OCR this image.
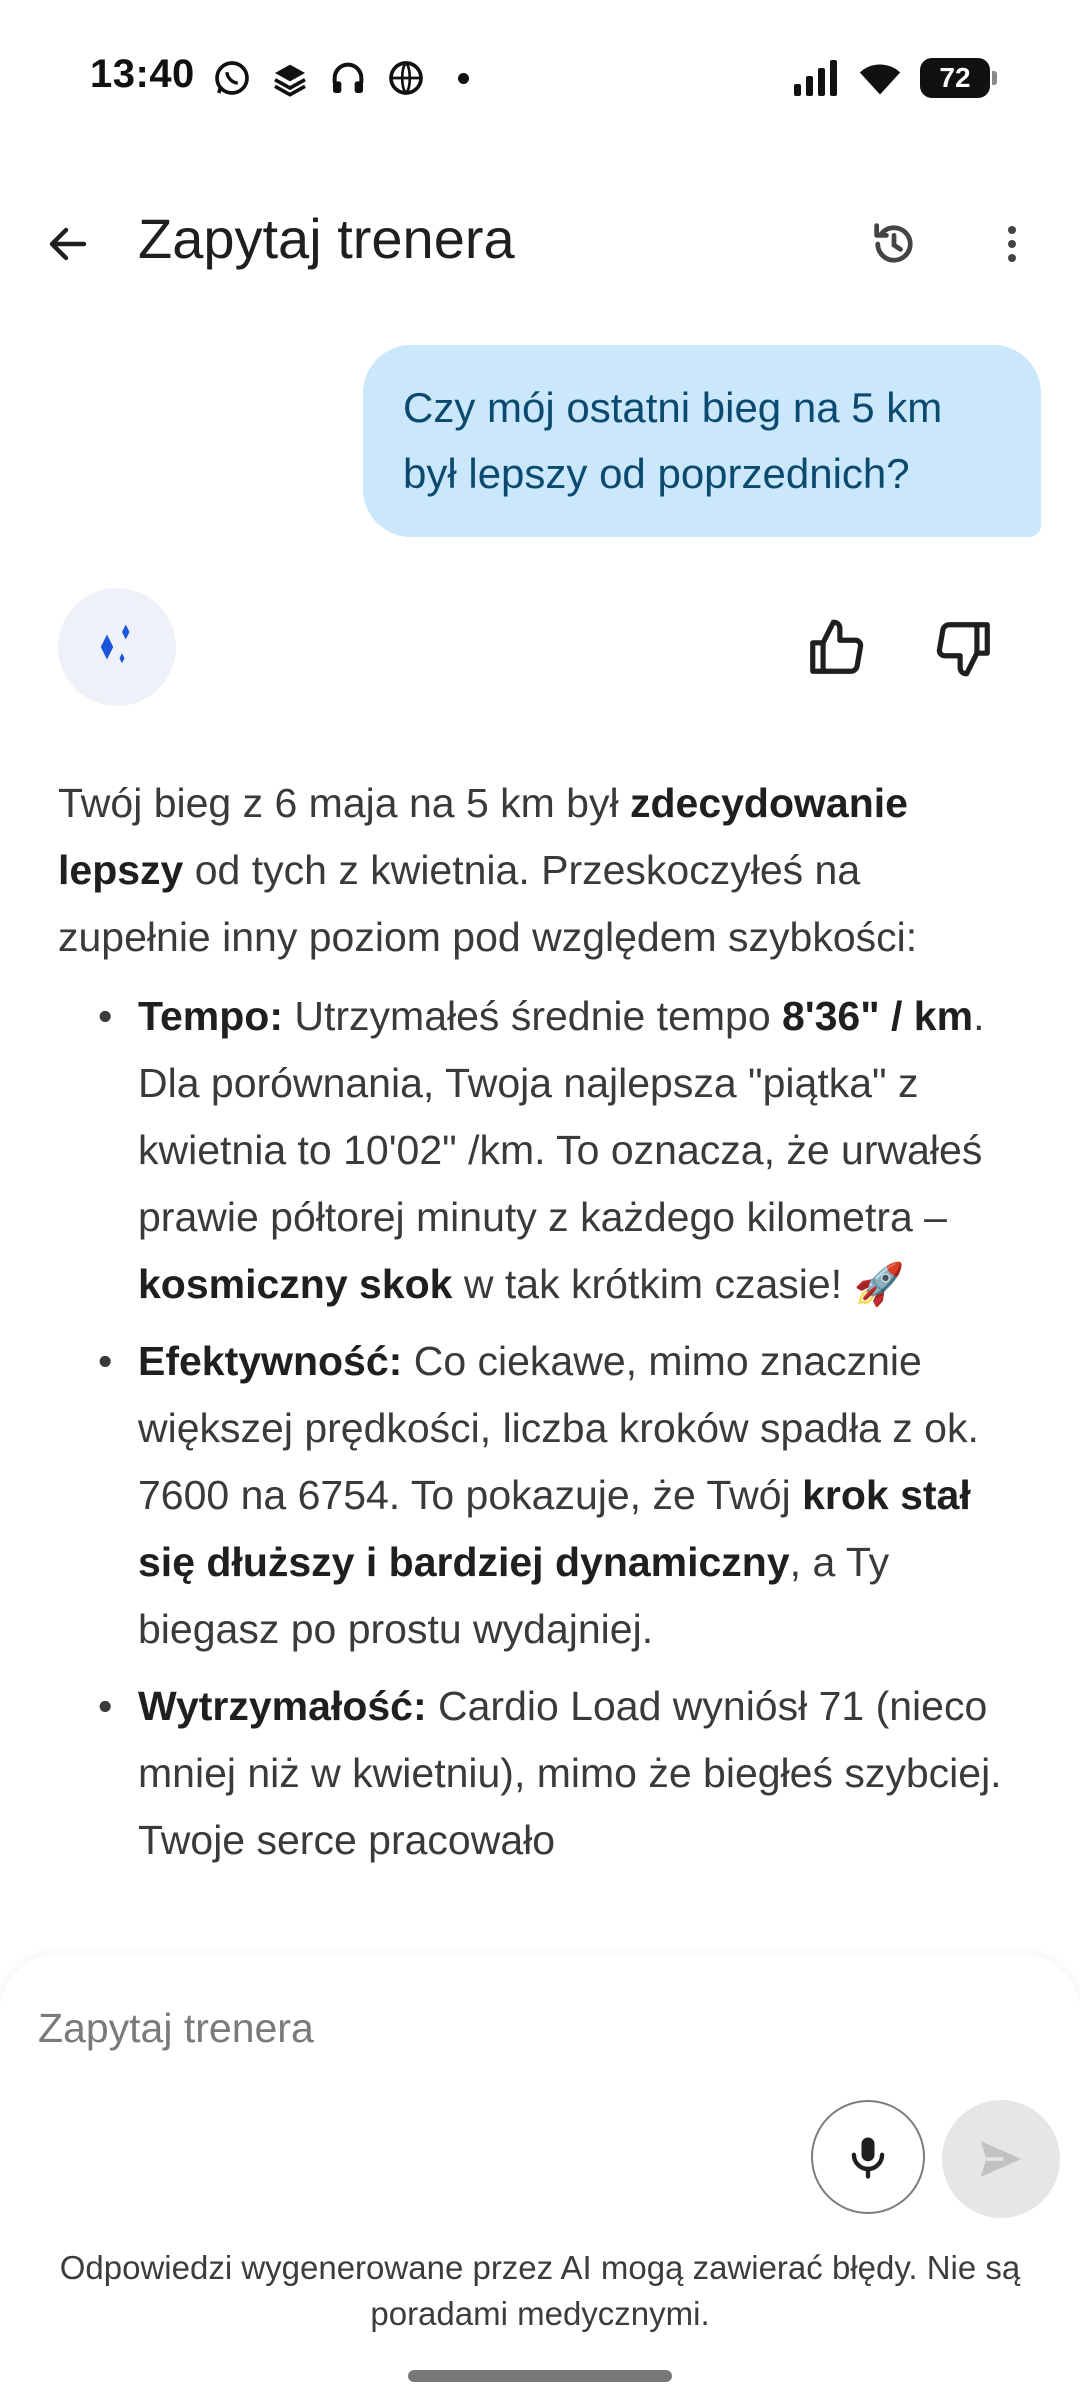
13:40	72
Zapytaj trenera
Czy mój ostatni bieg na 5 km
był lepszy od poprzednich?

Twój bieg z 6 maja na 5 km był zdecydowanie lepszy od tych z kwietnia. Przeskoczyłeś na zupełnie inny poziom pod względem szybkości:

• Tempo: Utrzymałeś średnie tempo 8'36" / km. Dla porównania, Twoja najlepsza "piątka" z kwietnia to 10'02" /km. To oznacza, że urwałeś prawie półtorej minuty z każdego kilometra – kosmiczny skok w tak krótkim czasie! 🚀
• Efektywność: Co ciekawe, mimo znacznie większej prędkości, liczba kroków spadła z ok. 7600 na 6754. To pokazuje, że Twój krok stał się dłuższy i bardziej dynamiczny, a Ty biegasz po prostu wydajniej.
• Wytrzymałość: Cardio Load wyniósł 71 (nieco mniej niż w kwietniu), mimo że biegłeś szybciej. Twoje serce pracowało
Zapytaj trenera
Odpowiedzi wygenerowane przez AI mogą zawierać błędy. Nie są poradami medycznymi.
